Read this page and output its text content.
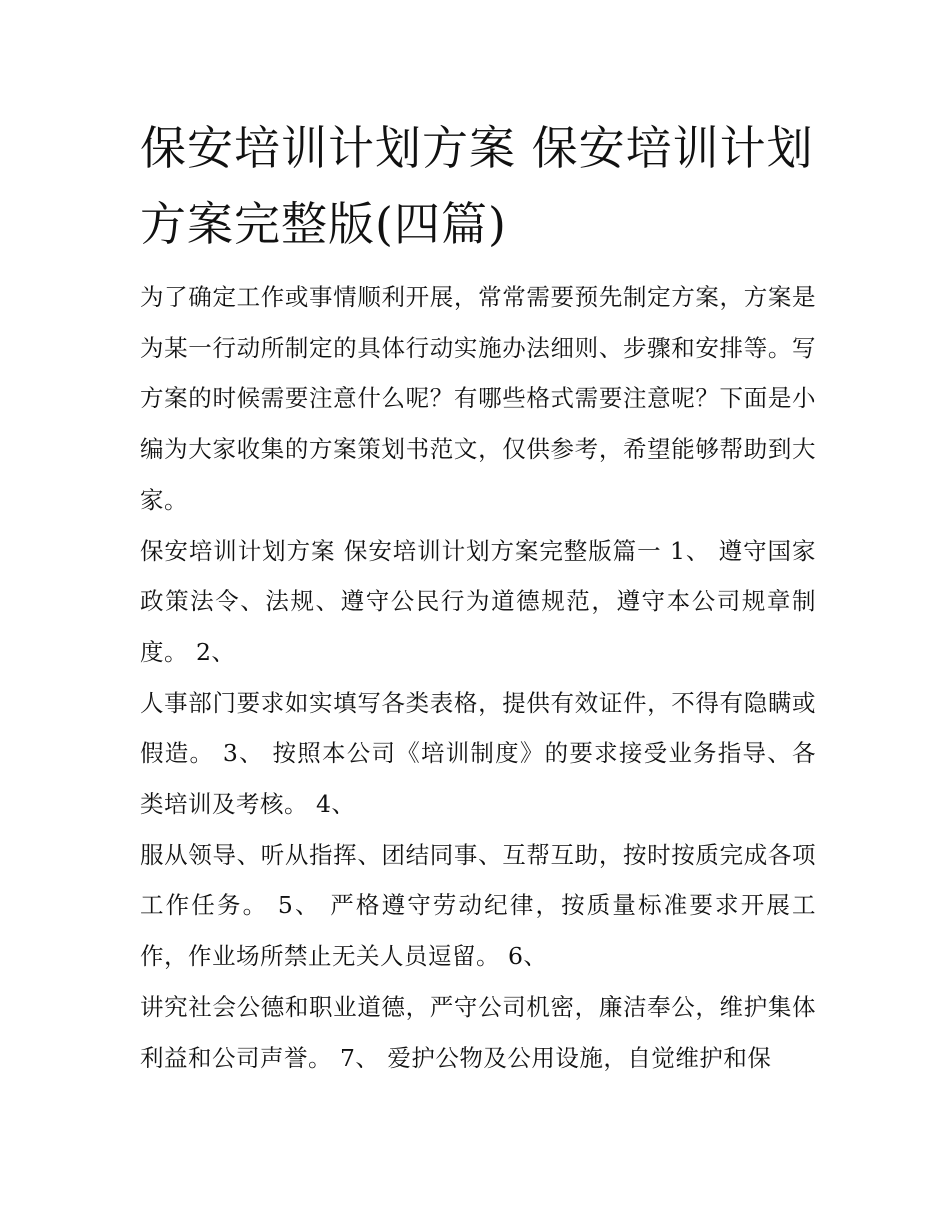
保安培训计划方案 保安培训计划方案完整版(四篇)

为了确定工作或事情顺利开展，常常需要预先制定方案，方案是为某一行动所制定的具体行动实施办法细则、步骤和安排等。写方案的时候需要注意什么呢？有哪些格式需要注意呢？下面是小编为大家收集的方案策划书范文，仅供参考，希望能够帮助到大家。

保安培训计划方案 保安培训计划方案完整版篇一 1、 遵守国家政策法令、法规、遵守公民行为道德规范，遵守本公司规章制度。 2、

人事部门要求如实填写各类表格，提供有效证件，不得有隐瞒或假造。 3、 按照本公司《培训制度》的要求接受业务指导、各类培训及考核。 4、

服从领导、听从指挥、团结同事、互帮互助，按时按质完成各项工作任务。 5、 严格遵守劳动纪律，按质量标准要求开展工作，作业场所禁止无关人员逗留。 6、

讲究社会公德和职业道德，严守公司机密，廉洁奉公，维护集体利益和公司声誉。 7、 爱护公物及公用设施，自觉维护和保
